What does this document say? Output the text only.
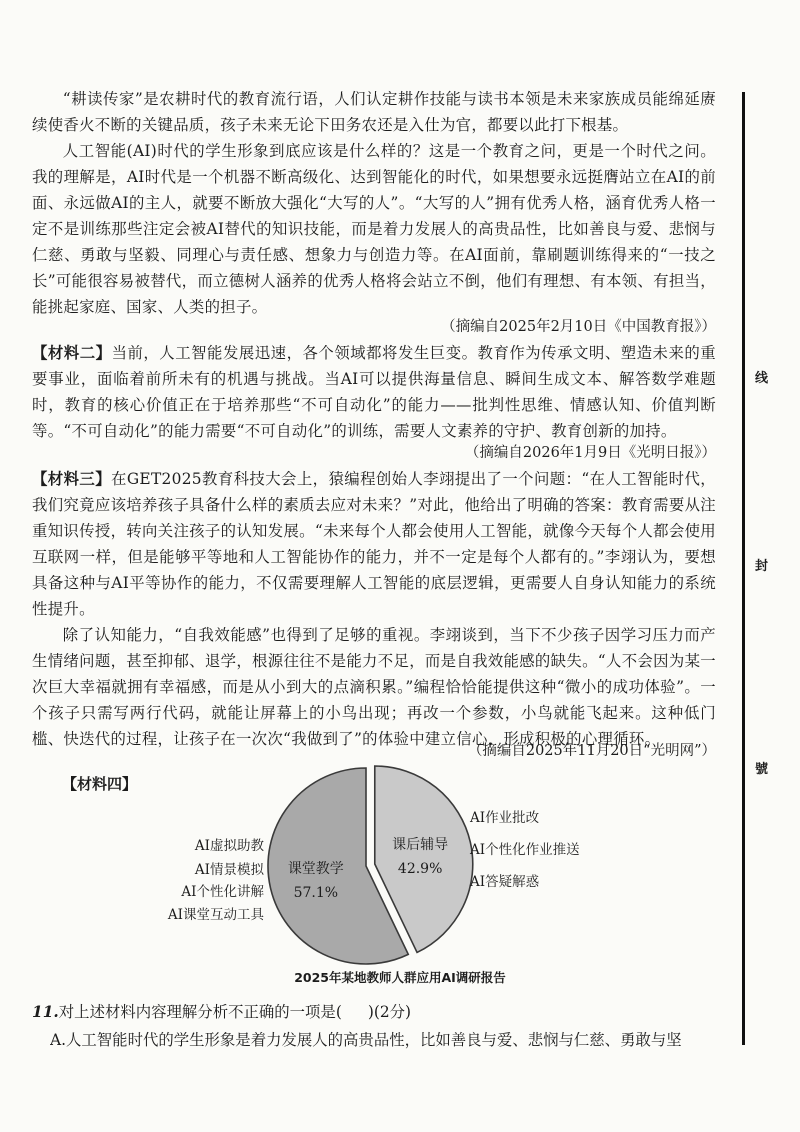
“耕读传家”是农耕时代的教育流行语，人们认定耕作技能与读书本领是未来家族成员能绵延赓续使香火不断的关键品质，孩子未来无论下田务农还是入仕为官，都要以此打下根基。

人工智能(AI)时代的学生形象到底应该是什么样的？这是一个教育之问，更是一个时代之问。我的理解是，AI时代是一个机器不断高级化、达到智能化的时代，如果想要永远挺膺站立在AI的前面、永远做AI的主人，就要不断放大强化“大写的人”。“大写的人”拥有优秀人格，涵育优秀人格一定不是训练那些注定会被AI替代的知识技能，而是着力发展人的高贵品性，比如善良与爱、悲悯与仁慈、勇敢与坚毅、同理心与责任感、想象力与创造力等。在AI面前，靠刷题训练得来的“一技之长”可能很容易被替代，而立德树人涵养的优秀人格将会站立不倒，他们有理想、有本领、有担当，能挑起家庭、国家、人类的担子。

（摘编自2025年2月10日《中国教育报》）

【材料二】当前，人工智能发展迅速，各个领域都将发生巨变。教育作为传承文明、塑造未来的重要事业，面临着前所未有的机遇与挑战。当AI可以提供海量信息、瞬间生成文本、解答数学难题时，教育的核心价值正在于培养那些“不可自动化”的能力——批判性思维、情感认知、价值判断等。“不可自动化”的能力需要“不可自动化”的训练，需要人文素养的守护、教育创新的加持。

（摘编自2026年1月9日《光明日报》）

【材料三】在GET2025教育科技大会上，猿编程创始人李翊提出了一个问题：“在人工智能时代，我们究竟应该培养孩子具备什么样的素质去应对未来？”对此，他给出了明确的答案：教育需要从注重知识传授，转向关注孩子的认知发展。“未来每个人都会使用人工智能，就像今天每个人都会使用互联网一样，但是能够平等地和人工智能协作的能力，并不一定是每个人都有的。”李翊认为，要想具备这种与AI平等协作的能力，不仅需要理解人工智能的底层逻辑，更需要人自身认知能力的系统性提升。

除了认知能力，“自我效能感”也得到了足够的重视。李翊谈到，当下不少孩子因学习压力而产生情绪问题，甚至抑郁、退学，根源往往不是能力不足，而是自我效能感的缺失。“人不会因为某一次巨大幸福就拥有幸福感，而是从小到大的点滴积累。”编程恰恰能提供这种“微小的成功体验”。一个孩子只需写两行代码，就能让屏幕上的小鸟出现；再改一个参数，小鸟就能飞起来。这种低门槛、快迭代的过程，让孩子在一次次“我做到了”的体验中建立信心，形成积极的心理循环。

（摘编自2025年11月20日“光明网”）

【材料四】
课堂教学
57.1%
课后辅导
42.9%
AI虚拟助教
AI情景模拟
AI个性化讲解
AI课堂互动工具
AI作业批改
AI个性化作业推送
AI答疑解惑
2025年某地教师人群应用AI调研报告
11.对上述材料内容理解分析不正确的一项是( )(2分)
A.人工智能时代的学生形象是着力发展人的高贵品性，比如善良与爱、悲悯与仁慈、勇敢与坚
线
封
號
